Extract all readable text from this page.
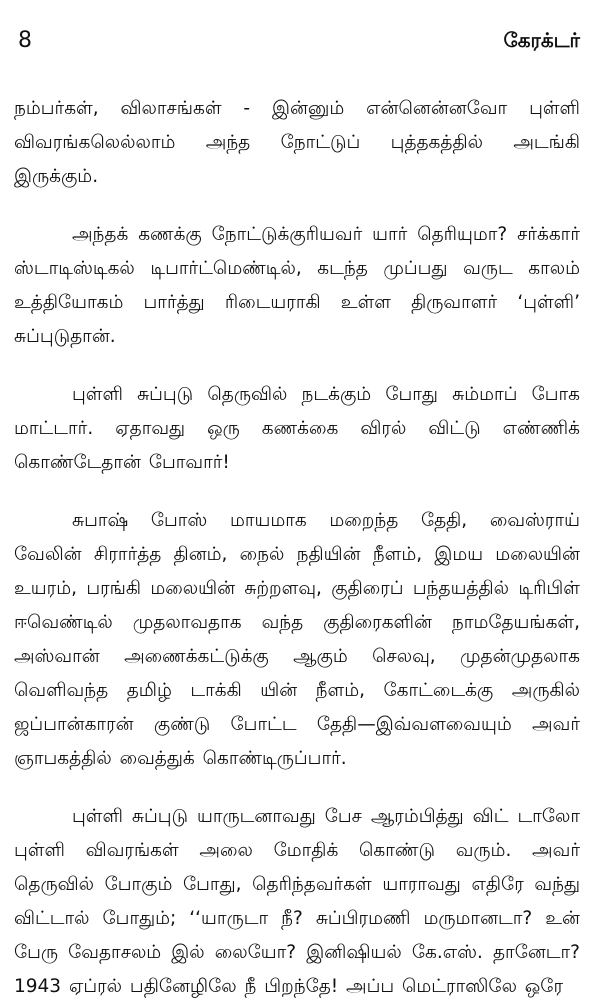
8	கேரக்டர்

நம்பர்கள், விலாசங்கள் - இன்னும் என்னென்னவோ புள்ளி விவரங்கலெல்லாம் அந்த நோட்டுப் புத்தகத்தில் அடங்கி இருக்கும்.

அந்தக் கணக்கு நோட்டுக்குரியவர் யார் தெரியுமா? சர்க்கார் ஸ்டாடிஸ்டிகல் டிபார்ட்மெண்டில், கடந்த முப்பது வருட காலம் உத்தியோகம் பார்த்து ரிடையராகி உள்ள திருவாளர் ‘புள்ளி’ சுப்புடுதான்.

புள்ளி சுப்புடு தெருவில் நடக்கும் போது சும்மாப் போக மாட்டார். ஏதாவது ஒரு கணக்கை விரல் விட்டு எண்ணிக் கொண்டேதான் போவார்!

சுபாஷ் போஸ் மாயமாக மறைந்த தேதி, வைஸ்ராய் வேலின் சிரார்த்த தினம், நைல் நதியின் நீளம், இமய மலையின் உயரம், பரங்கி மலையின் சுற்றளவு, குதிரைப் பந்தயத்தில் டிரிபிள் ஈவெண்டில் முதலாவதாக வந்த குதிரைகளின் நாமதேயங்கள், அஸ்வான் அணைக்கட்டுக்கு ஆகும் செலவு, முதன்முதலாக வெளிவந்த தமிழ் டாக்கி யின் நீளம், கோட்டைக்கு அருகில் ஜப்பான்காரன் குண்டு போட்ட தேதி—இவ்வளவையும் அவர் ஞாபகத்தில் வைத்துக் கொண்டிருப்பார்.

புள்ளி சுப்புடு யாருடனாவது பேச ஆரம்பித்து விட் டாலோ புள்ளி விவரங்கள் அலை மோதிக் கொண்டு வரும். அவர் தெருவில் போகும் போது, தெரிந்தவர்கள் யாராவது எதிரே வந்து விட்டால் போதும்; ‘‘யாருடா நீ? சுப்பிரமணி மருமானடா? உன் பேரு வேதாசலம் இல் லையோ? இனிஷியல் கே.எஸ். தானேடா? 1943 ஏப்ரல் பதினேழிலே நீ பிறந்தே! அப்ப மெட்ராஸிலே ஒரே
